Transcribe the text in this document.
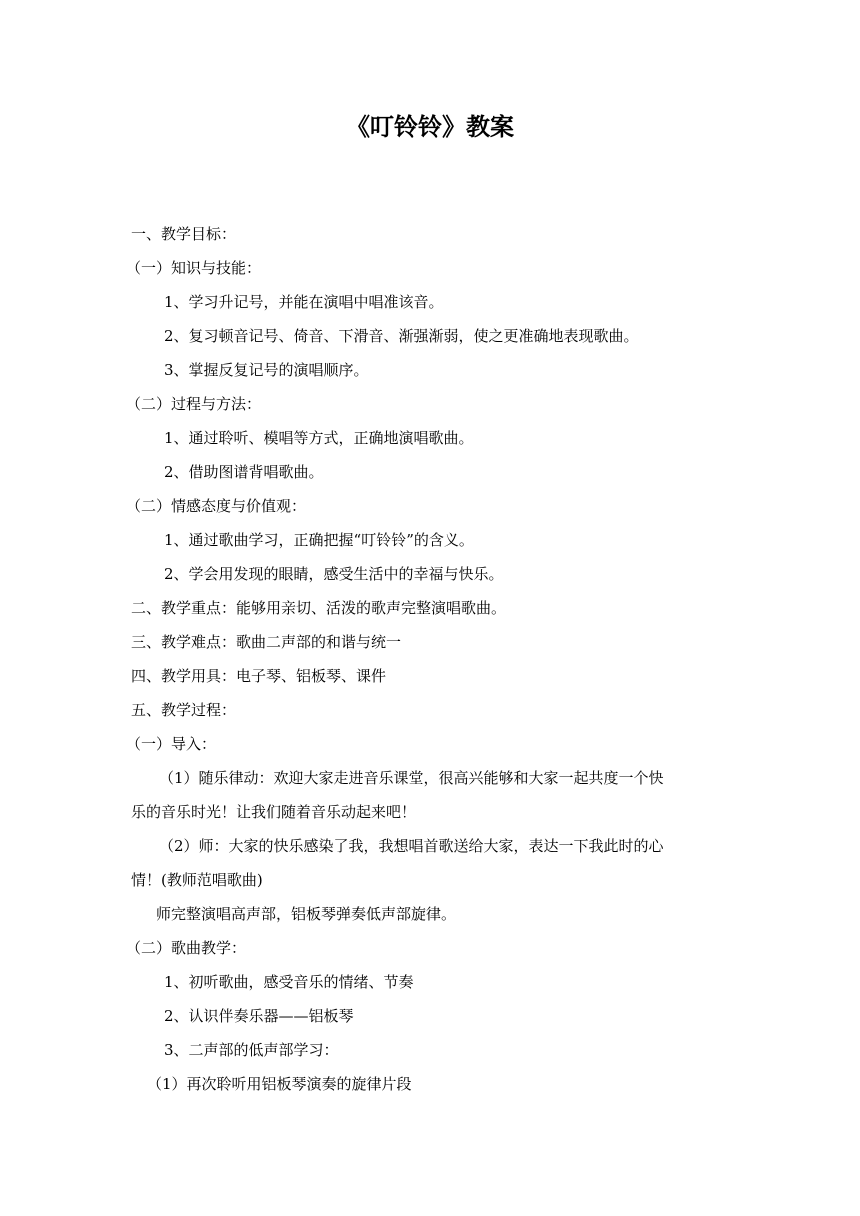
《叮铃铃》教案
一、教学目标：
（一）知识与技能：
1、学习升记号，并能在演唱中唱准该音。
2、复习顿音记号、倚音、下滑音、渐强渐弱，使之更准确地表现歌曲。
3、掌握反复记号的演唱顺序。
（二）过程与方法：
1、通过聆听、模唱等方式，正确地演唱歌曲。
2、借助图谱背唱歌曲。
（二）情感态度与价值观：
1、通过歌曲学习，正确把握“叮铃铃”的含义。
2、学会用发现的眼睛，感受生活中的幸福与快乐。
二、教学重点：能够用亲切、活泼的歌声完整演唱歌曲。
三、教学难点：歌曲二声部的和谐与统一
四、教学用具：电子琴、铝板琴、课件
五、教学过程：
（一）导入：
（1）随乐律动：欢迎大家走进音乐课堂，很高兴能够和大家一起共度一个快
乐的音乐时光！让我们随着音乐动起来吧！
（2）师：大家的快乐感染了我，我想唱首歌送给大家，表达一下我此时的心
情！(教师范唱歌曲)
师完整演唱高声部，铝板琴弹奏低声部旋律。
（二）歌曲教学：
1、初听歌曲，感受音乐的情绪、节奏
2、认识伴奏乐器——铝板琴
3、二声部的低声部学习：
（1）再次聆听用铝板琴演奏的旋律片段
